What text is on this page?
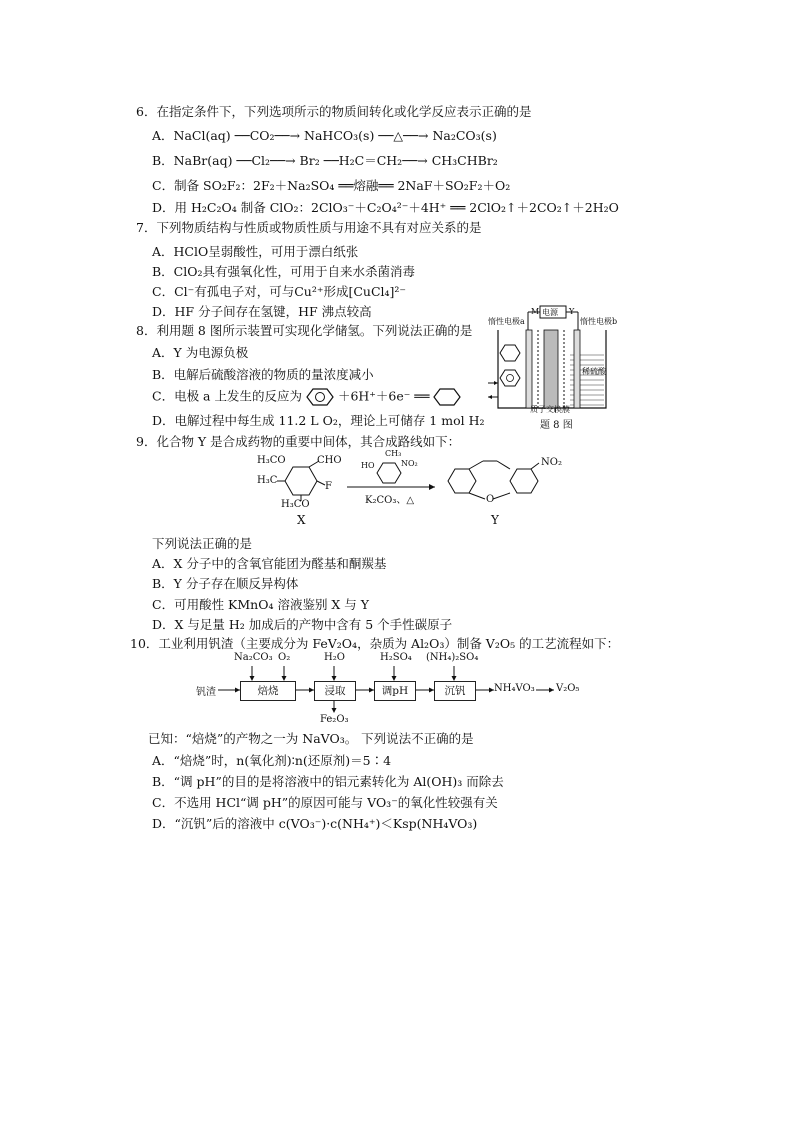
6．在指定条件下，下列选项所示的物质间转化或化学反应表示正确的是
A．NaCl(aq) ──CO₂──→ NaHCO₃(s) ──△──→ Na₂CO₃(s)
B．NaBr(aq) ──Cl₂──→ Br₂ ──H₂C＝CH₂──→ CH₃CHBr₂
C．制备 SO₂F₂：2F₂＋Na₂SO₄ ══熔融══ 2NaF＋SO₂F₂＋O₂
D．用 H₂C₂O₄ 制备 ClO₂：2ClO₃⁻＋C₂O₄²⁻＋4H⁺ ══ 2ClO₂↑＋2CO₂↑＋2H₂O
7．下列物质结构与性质或物质性质与用途不具有对应关系的是
A．HClO呈弱酸性，可用于漂白纸张
B．ClO₂具有强氧化性，可用于自来水杀菌消毒
C．Cl⁻有孤电子对，可与Cu²⁺形成[CuCl₄]²⁻
D．HF 分子间存在氢键，HF 沸点较高
8．利用题 8 图所示装置可实现化学储氢。下列说法正确的是
A．Y 为电源负极
B．电解后硫酸溶液的物质的量浓度减小
C．电极 a 上发生的反应为	＋6H⁺＋6e⁻ ══
D．电解过程中每生成 11.2 L O₂，理论上可储存 1 mol H₂
电源
M	Y
惰性电极a	惰性电极b
稀硫酸
质子交换膜
题 8 图
9．化合物 Y 是合成药物的重要中间体，其合成路线如下：
H₃CO	CHO
H₃C
F
H₃CO
HO
CH₃
NO₂
K₂CO₃、△
NO₂
O
X	Y
下列说法正确的是
A．X 分子中的含氧官能团为醛基和酮羰基
B．Y 分子存在顺反异构体
C．可用酸性 KMnO₄ 溶液鉴别 X 与 Y
D．X 与足量 H₂ 加成后的产物中含有 5 个手性碳原子
10．工业利用钒渣（主要成分为 FeV₂O₄，杂质为 Al₂O₃）制备 V₂O₅ 的工艺流程如下：
钒渣	焙烧	浸取	调pH	沉钒	NH₄VO₃ V₂O₅
Na₂CO₃ O₂	H₂O	H₂SO₄ (NH₄)₂SO₄
Fe₂O₃
已知：“焙烧”的产物之一为 NaVO₃。 下列说法不正确的是
A．“焙烧”时，n(氧化剂)∶n(还原剂)＝5∶4
B．“调 pH”的目的是将溶液中的铝元素转化为 Al(OH)₃ 而除去
C．不选用 HCl“调 pH”的原因可能与 VO₃⁻的氧化性较强有关
D．“沉钒”后的溶液中 c(VO₃⁻)·c(NH₄⁺)＜Ksp(NH₄VO₃)
